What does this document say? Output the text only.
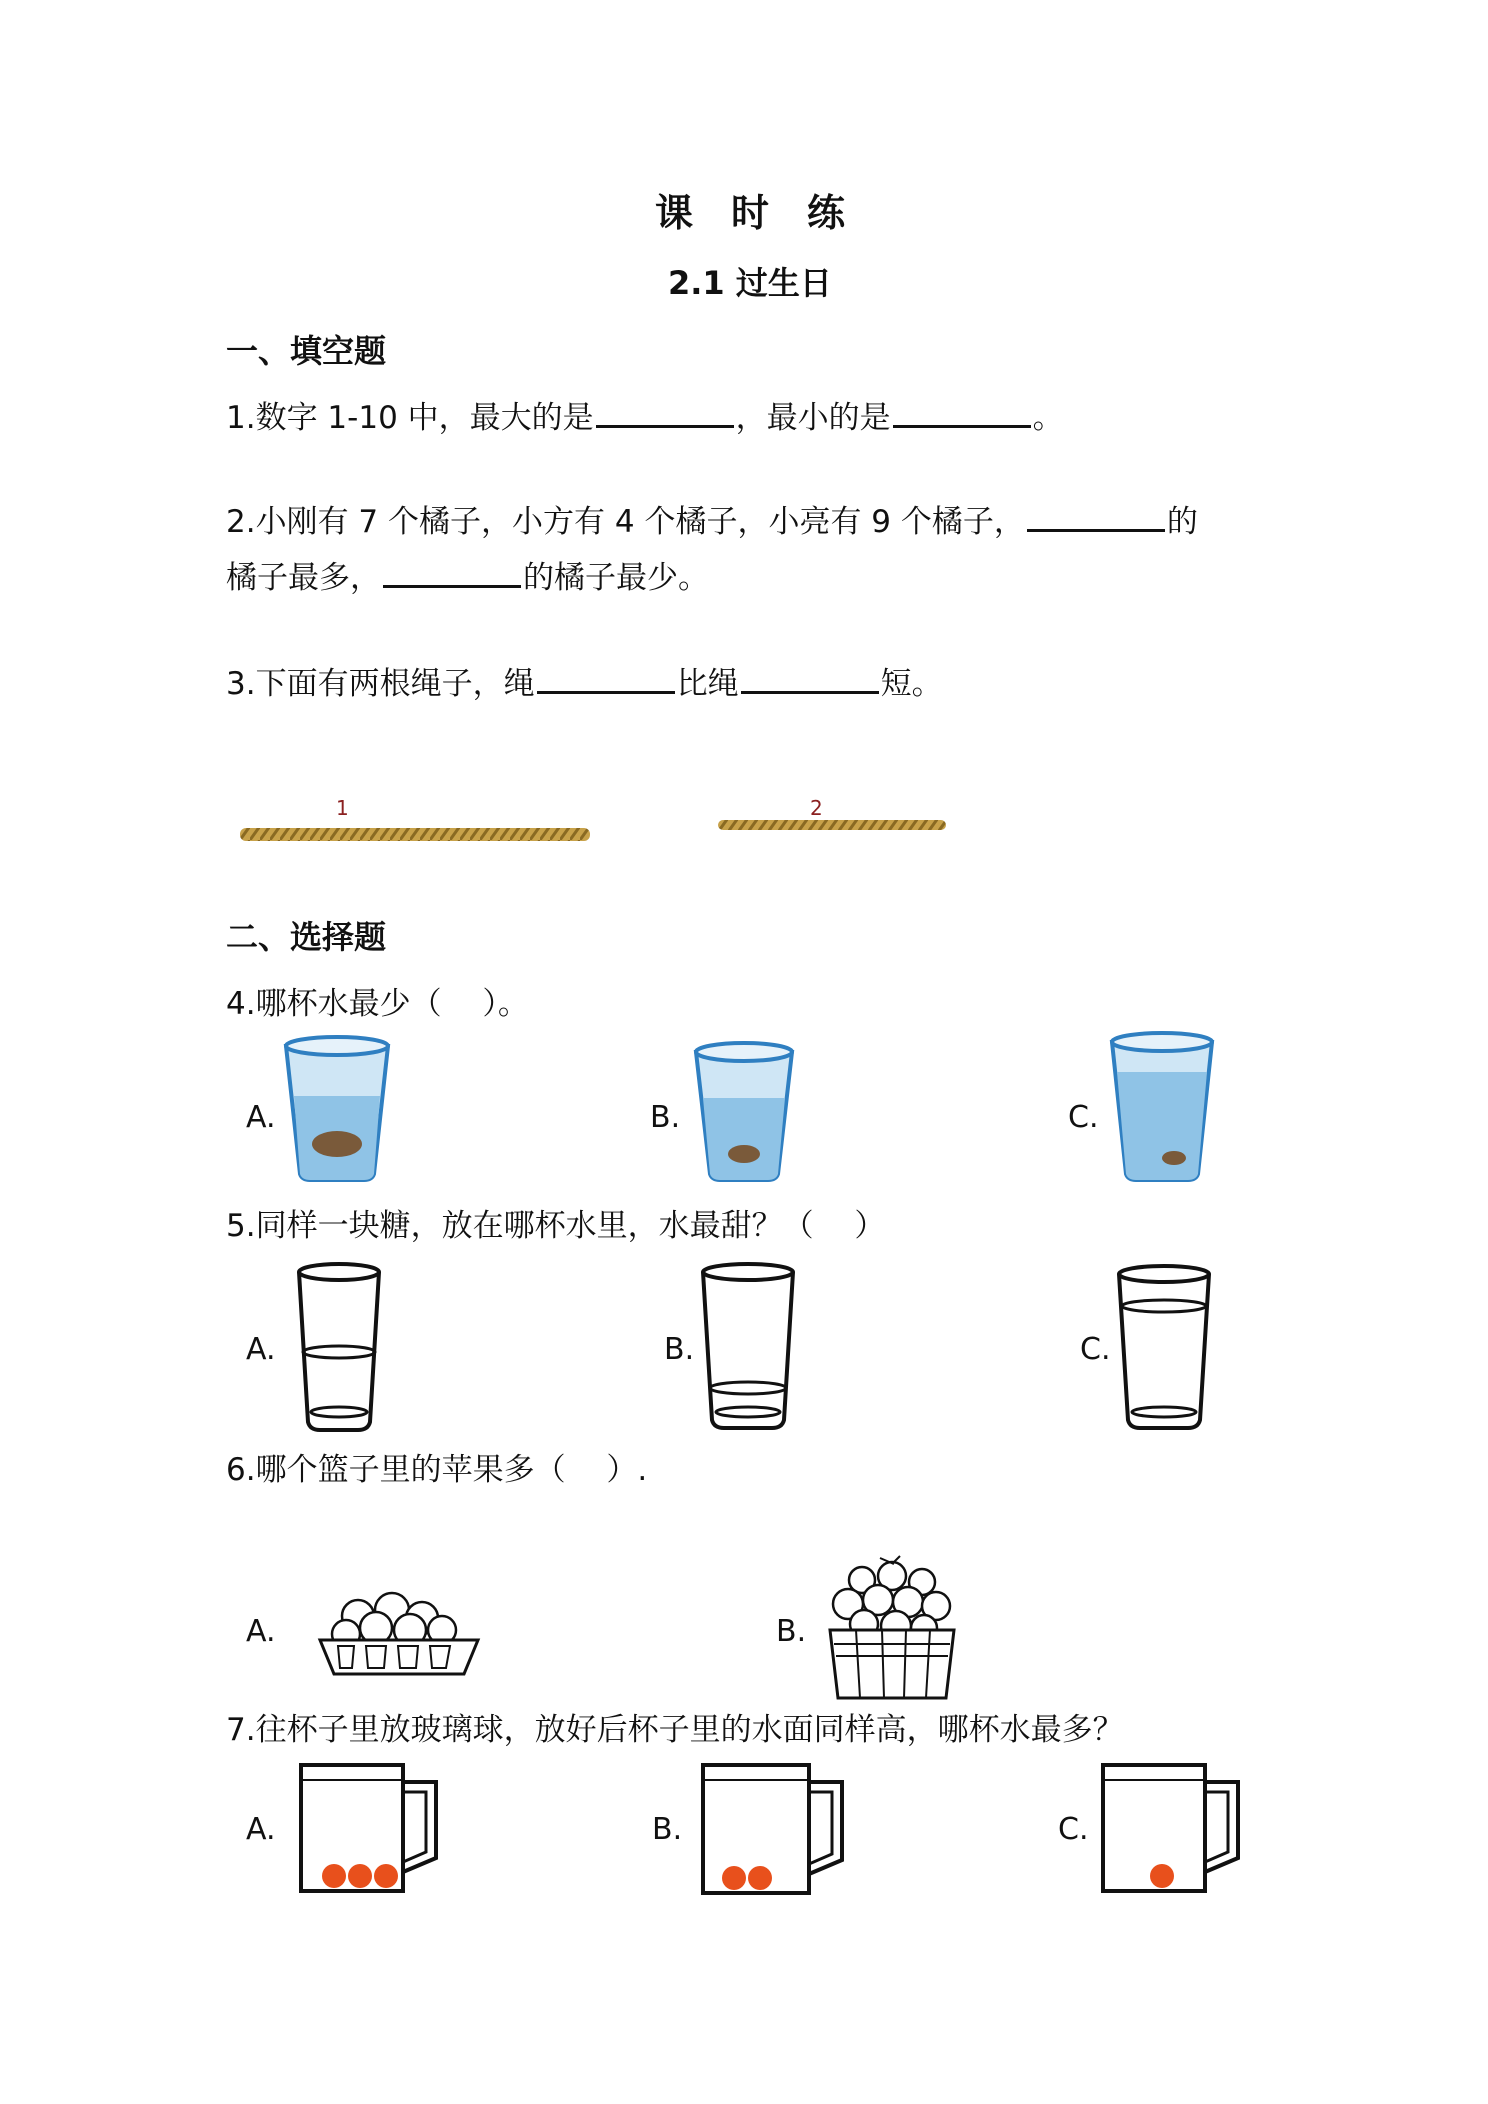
课　时　练
2.1 过生日
一、填空题
1.数字 1-10 中，最大的是	，最小的是	。
2.小刚有 7 个橘子，小方有 4 个橘子，小亮有 9 个橘子，	的
橘子最多，	的橘子最少。
3.下面有两根绳子，绳	比绳	短。
1	2
二、选择题
4.哪杯水最少（　 ）。
A.	B.	C.
5.同样一块糖，放在哪杯水里，水最甜？（　 ）
A.	B.	C.
6.哪个篮子里的苹果多（　 ）.
A.	B.
7.往杯子里放玻璃球，放好后杯子里的水面同样高，哪杯水最多？
A.	B.	C.
